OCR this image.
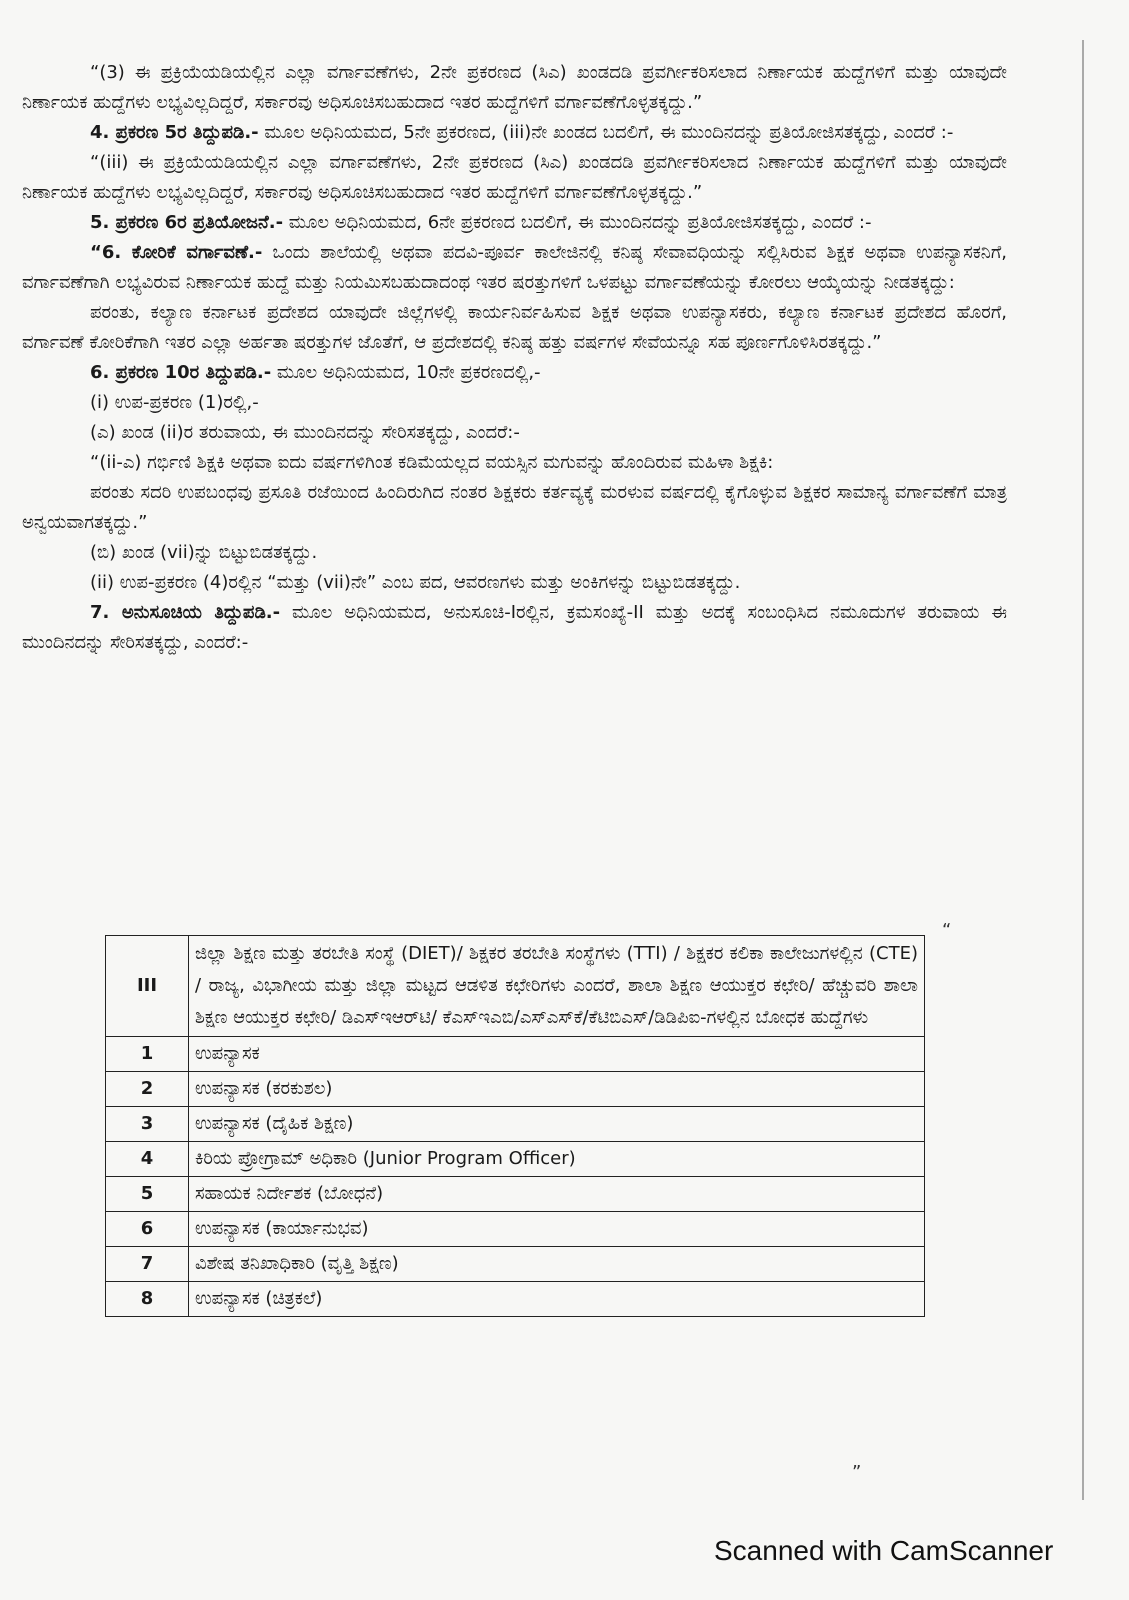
“(3) ಈ ಪ್ರಕ್ರಿಯೆಯಡಿಯಲ್ಲಿನ ಎಲ್ಲಾ ವರ್ಗಾವಣೆಗಳು, 2ನೇ ಪ್ರಕರಣದ (ಸಿಎ) ಖಂಡದಡಿ ಪ್ರವರ್ಗೀಕರಿಸಲಾದ ನಿರ್ಣಾಯಕ ಹುದ್ದೆಗಳಿಗೆ ಮತ್ತು ಯಾವುದೇ ನಿರ್ಣಾಯಕ ಹುದ್ದೆಗಳು ಲಭ್ಯವಿಲ್ಲದಿದ್ದರೆ, ಸರ್ಕಾರವು ಅಧಿಸೂಚಿಸಬಹುದಾದ ಇತರ ಹುದ್ದೆಗಳಿಗೆ ವರ್ಗಾವಣೆಗೊಳ್ಳತಕ್ಕದ್ದು.”

4. ಪ್ರಕರಣ 5ರ ತಿದ್ದುಪಡಿ.- ಮೂಲ ಅಧಿನಿಯಮದ, 5ನೇ ಪ್ರಕರಣದ, (iii)ನೇ ಖಂಡದ ಬದಲಿಗೆ, ಈ ಮುಂದಿನದನ್ನು ಪ್ರತಿಯೋಜಿಸತಕ್ಕದ್ದು, ಎಂದರೆ :-

“(iii) ಈ ಪ್ರಕ್ರಿಯೆಯಡಿಯಲ್ಲಿನ ಎಲ್ಲಾ ವರ್ಗಾವಣೆಗಳು, 2ನೇ ಪ್ರಕರಣದ (ಸಿಎ) ಖಂಡದಡಿ ಪ್ರವರ್ಗೀಕರಿಸಲಾದ ನಿರ್ಣಾಯಕ ಹುದ್ದೆಗಳಿಗೆ ಮತ್ತು ಯಾವುದೇ ನಿರ್ಣಾಯಕ ಹುದ್ದೆಗಳು ಲಭ್ಯವಿಲ್ಲದಿದ್ದರೆ, ಸರ್ಕಾರವು ಅಧಿಸೂಚಿಸಬಹುದಾದ ಇತರ ಹುದ್ದೆಗಳಿಗೆ ವರ್ಗಾವಣೆಗೊಳ್ಳತಕ್ಕದ್ದು.”

5. ಪ್ರಕರಣ 6ರ ಪ್ರತಿಯೋಜನೆ.- ಮೂಲ ಅಧಿನಿಯಮದ, 6ನೇ ಪ್ರಕರಣದ ಬದಲಿಗೆ, ಈ ಮುಂದಿನದನ್ನು ಪ್ರತಿಯೋಜಿಸತಕ್ಕದ್ದು, ಎಂದರೆ :-

“6. ಕೋರಿಕೆ ವರ್ಗಾವಣೆ.- ಒಂದು ಶಾಲೆಯಲ್ಲಿ ಅಥವಾ ಪದವಿ-ಪೂರ್ವ ಕಾಲೇಜಿನಲ್ಲಿ ಕನಿಷ್ಠ ಸೇವಾವಧಿಯನ್ನು ಸಲ್ಲಿಸಿರುವ ಶಿಕ್ಷಕ ಅಥವಾ ಉಪನ್ಯಾಸಕನಿಗೆ, ವರ್ಗಾವಣೆಗಾಗಿ ಲಭ್ಯವಿರುವ ನಿರ್ಣಾಯಕ ಹುದ್ದೆ ಮತ್ತು ನಿಯಮಿಸಬಹುದಾದಂಥ ಇತರ ಷರತ್ತುಗಳಿಗೆ ಒಳಪಟ್ಟು ವರ್ಗಾವಣೆಯನ್ನು ಕೋರಲು ಆಯ್ಕೆಯನ್ನು ನೀಡತಕ್ಕದ್ದು:

ಪರಂತು, ಕಲ್ಯಾಣ ಕರ್ನಾಟಕ ಪ್ರದೇಶದ ಯಾವುದೇ ಜಿಲ್ಲೆಗಳಲ್ಲಿ ಕಾರ್ಯನಿರ್ವಹಿಸುವ ಶಿಕ್ಷಕ ಅಥವಾ ಉಪನ್ಯಾಸಕರು, ಕಲ್ಯಾಣ ಕರ್ನಾಟಕ ಪ್ರದೇಶದ ಹೊರಗೆ, ವರ್ಗಾವಣೆ ಕೋರಿಕೆಗಾಗಿ ಇತರ ಎಲ್ಲಾ ಅರ್ಹತಾ ಷರತ್ತುಗಳ ಜೊತೆಗೆ, ಆ ಪ್ರದೇಶದಲ್ಲಿ ಕನಿಷ್ಠ ಹತ್ತು ವರ್ಷಗಳ ಸೇವೆಯನ್ನೂ ಸಹ ಪೂರ್ಣಗೊಳಿಸಿರತಕ್ಕದ್ದು.”

6. ಪ್ರಕರಣ 10ರ ತಿದ್ದುಪಡಿ.- ಮೂಲ ಅಧಿನಿಯಮದ, 10ನೇ ಪ್ರಕರಣದಲ್ಲಿ,-

(i) ಉಪ-ಪ್ರಕರಣ (1)ರಲ್ಲಿ,-

(ಎ) ಖಂಡ (ii)ರ ತರುವಾಯ, ಈ ಮುಂದಿನದನ್ನು ಸೇರಿಸತಕ್ಕದ್ದು, ಎಂದರೆ:-

“(ii-ಎ) ಗರ್ಭಿಣಿ ಶಿಕ್ಷಕಿ ಅಥವಾ ಐದು ವರ್ಷಗಳಿಗಿಂತ ಕಡಿಮೆಯಲ್ಲದ ವಯಸ್ಸಿನ ಮಗುವನ್ನು ಹೊಂದಿರುವ ಮಹಿಳಾ ಶಿಕ್ಷಕಿ:

ಪರಂತು ಸದರಿ ಉಪಬಂಧವು ಪ್ರಸೂತಿ ರಜೆಯಿಂದ ಹಿಂದಿರುಗಿದ ನಂತರ ಶಿಕ್ಷಕರು ಕರ್ತವ್ಯಕ್ಕೆ ಮರಳುವ ವರ್ಷದಲ್ಲಿ ಕೈಗೊಳ್ಳುವ ಶಿಕ್ಷಕರ ಸಾಮಾನ್ಯ ವರ್ಗಾವಣೆಗೆ ಮಾತ್ರ ಅನ್ವಯವಾಗತಕ್ಕದ್ದು.”

(ಬಿ) ಖಂಡ (vii)ನ್ನು ಬಿಟ್ಟುಬಿಡತಕ್ಕದ್ದು.

(ii) ಉಪ-ಪ್ರಕರಣ (4)ರಲ್ಲಿನ “ಮತ್ತು (vii)ನೇ” ಎಂಬ ಪದ, ಆವರಣಗಳು ಮತ್ತು ಅಂಕಿಗಳನ್ನು ಬಿಟ್ಟುಬಿಡತಕ್ಕದ್ದು.

7. ಅನುಸೂಚಿಯ ತಿದ್ದುಪಡಿ.- ಮೂಲ ಅಧಿನಿಯಮದ, ಅನುಸೂಚಿ-Iರಲ್ಲಿನ, ಕ್ರಮಸಂಖ್ಯೆ-II ಮತ್ತು ಅದಕ್ಕೆ ಸಂಬಂಧಿಸಿದ ನಮೂದುಗಳ ತರುವಾಯ ಈ ಮುಂದಿನದನ್ನು ಸೇರಿಸತಕ್ಕದ್ದು, ಎಂದರೆ:-

“
III	ಜಿಲ್ಲಾ ಶಿಕ್ಷಣ ಮತ್ತು ತರಬೇತಿ ಸಂಸ್ಥೆ (DIET)/ ಶಿಕ್ಷಕರ ತರಬೇತಿ ಸಂಸ್ಥೆಗಳು (TTI) / ಶಿಕ್ಷಕರ ಕಲಿಕಾ ಕಾಲೇಜುಗಳಲ್ಲಿನ (CTE) / ರಾಜ್ಯ, ವಿಭಾಗೀಯ ಮತ್ತು ಜಿಲ್ಲಾ ಮಟ್ಟದ ಆಡಳಿತ ಕಛೇರಿಗಳು ಎಂದರೆ, ಶಾಲಾ ಶಿಕ್ಷಣ ಆಯುಕ್ತರ ಕಛೇರಿ/ ಹೆಚ್ಚುವರಿ ಶಾಲಾ ಶಿಕ್ಷಣ ಆಯುಕ್ತರ ಕಛೇರಿ/ ಡಿಎಸ್‌ಇಆರ್‌ಟಿ/ ಕೆಎಸ್‌ಇಎಬಿ/ಎಸ್‌ಎಸ್‌ಕೆ/ಕೆಟಿಬಿಎಸ್/ಡಿಡಿಪಿಐ-ಗಳಲ್ಲಿನ ಬೋಧಕ ಹುದ್ದೆಗಳು
1	ಉಪನ್ಯಾಸಕ
2	ಉಪನ್ಯಾಸಕ (ಕರಕುಶಲ)
3	ಉಪನ್ಯಾಸಕ (ದೈಹಿಕ ಶಿಕ್ಷಣ)
4	ಕಿರಿಯ ಪ್ರೋಗ್ರಾಮ್ ಅಧಿಕಾರಿ (Junior Program Officer)
5	ಸಹಾಯಕ ನಿರ್ದೇಶಕ (ಬೋಧನೆ)
6	ಉಪನ್ಯಾಸಕ (ಕಾರ್ಯಾನುಭವ)
7	ವಿಶೇಷ ತನಿಖಾಧಿಕಾರಿ (ವೃತ್ತಿ ಶಿಕ್ಷಣ)
8	ಉಪನ್ಯಾಸಕ (ಚಿತ್ರಕಲೆ)
”
Scanned with CamScanner
